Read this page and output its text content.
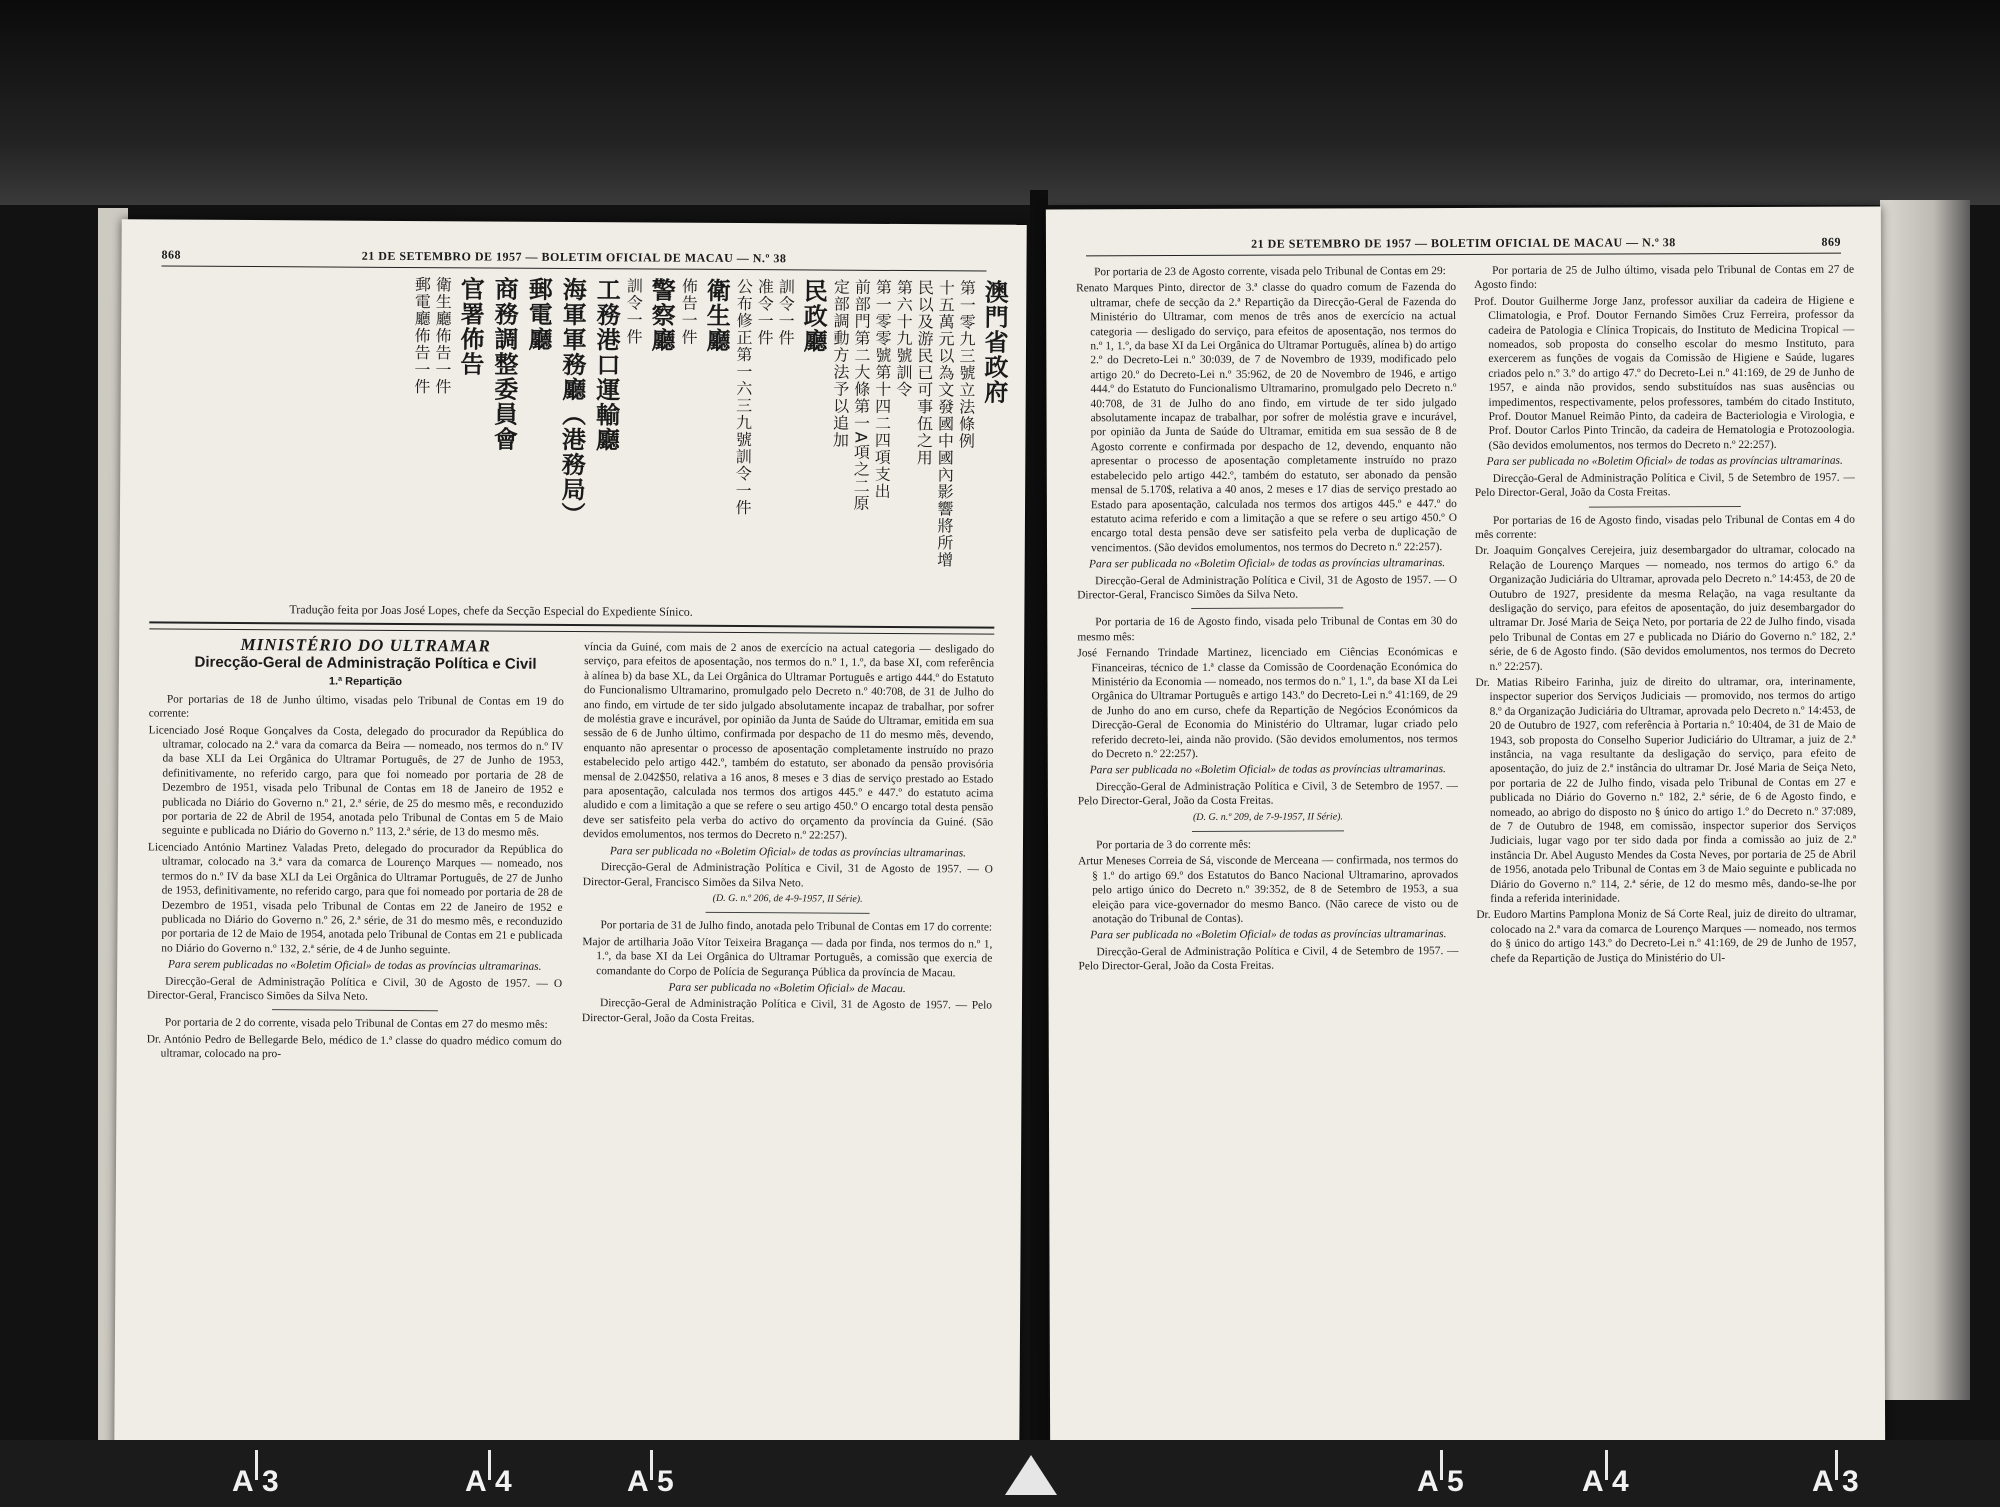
868	21 DE SETEMBRO DE 1957 — BOLETIM OFICIAL DE MACAU — N.º 38
澳門省政府
第一零九三號立法條例
十五萬元以為文發國中國內影響將所增
民以及游民已可事伍之用
第六十九號訓令
第一零零號第十四二四項支出
前部門第二大條第一A項之二原
定部調動方法予以追加
民政廳
訓令一件
准令一件
公布修正第一六三九號訓令一件
衛生廳
佈告一件
警察廳
訓令一件
工務港口運輸廳
海軍軍務廳（港務局）
郵電廳
商務調整委員會
官署佈告
衛生廳佈告一件
郵電廳佈告一件
Tradução feita por Joas José Lopes, chefe da Secção Especial do Expediente Sínico.

MINISTÉRIO DO ULTRAMAR

Direcção-Geral de Administração Política e Civil

1.ª Repartição

Por portarias de 18 de Junho último, visadas pelo Tribunal de Contas em 19 do corrente:

Licenciado José Roque Gonçalves da Costa, delegado do procurador da República do ultramar, colocado na 2.ª vara da comarca da Beira — nomeado, nos termos do n.º IV da base XLI da Lei Orgânica do Ultramar Português, de 27 de Junho de 1953, definitivamente, no referido cargo, para que foi nomeado por portaria de 28 de Dezembro de 1951, visada pelo Tribunal de Contas em 18 de Janeiro de 1952 e publicada no Diário do Governo n.º 21, 2.ª série, de 25 do mesmo mês, e reconduzido por portaria de 22 de Abril de 1954, anotada pelo Tribunal de Contas em 5 de Maio seguinte e publicada no Diário do Governo n.º 113, 2.ª série, de 13 do mesmo mês.

Licenciado António Martinez Valadas Preto, delegado do procurador da República do ultramar, colocado na 3.ª vara da comarca de Lourenço Marques — nomeado, nos termos do n.º IV da base XLI da Lei Orgânica do Ultramar Português, de 27 de Junho de 1953, definitivamente, no referido cargo, para que foi nomeado por portaria de 28 de Dezembro de 1951, visada pelo Tribunal de Contas em 22 de Janeiro de 1952 e publicada no Diário do Governo n.º 26, 2.ª série, de 31 do mesmo mês, e reconduzido por portaria de 12 de Maio de 1954, anotada pelo Tribunal de Contas em 21 e publicada no Diário do Governo n.º 132, 2.ª série, de 4 de Junho seguinte.

Para serem publicadas no «Boletim Oficial» de todas as províncias ultramarinas.

Direcção-Geral de Administração Política e Civil, 30 de Agosto de 1957. — O Director-Geral, Francisco Simões da Silva Neto.

Por portaria de 2 do corrente, visada pelo Tribunal de Contas em 27 do mesmo mês:

Dr. António Pedro de Bellegarde Belo, médico de 1.ª classe do quadro médico comum do ultramar, colocado na pro-

víncia da Guiné, com mais de 2 anos de exercício na actual categoria — desligado do serviço, para efeitos de aposentação, nos termos do n.º 1, 1.º, da base XI, com referência à alínea b) da base XL, da Lei Orgânica do Ultramar Português e artigo 444.º do Estatuto do Funcionalismo Ultramarino, promulgado pelo Decreto n.º 40:708, de 31 de Julho do ano findo, em virtude de ter sido julgado absolutamente incapaz de trabalhar, por sofrer de moléstia grave e incurável, por opinião da Junta de Saúde do Ultramar, emitida em sua sessão de 6 de Junho último, confirmada por despacho de 11 do mesmo mês, devendo, enquanto não apresentar o processo de aposentação completamente instruído no prazo estabelecido pelo artigo 442.º, também do estatuto, ser abonado da pensão provisória mensal de 2.042$50, relativa a 16 anos, 8 meses e 3 dias de serviço prestado ao Estado para aposentação, calculada nos termos dos artigos 445.º e 447.º do estatuto acima aludido e com a limitação a que se refere o seu artigo 450.º O encargo total desta pensão deve ser satisfeito pela verba do activo do orçamento da província da Guiné. (São devidos emolumentos, nos termos do Decreto n.º 22:257).

Para ser publicada no «Boletim Oficial» de todas as províncias ultramarinas.

Direcção-Geral de Administração Política e Civil, 31 de Agosto de 1957. — O Director-Geral, Francisco Simões da Silva Neto.

(D. G. n.º 206, de 4-9-1957, II Série).

Por portaria de 31 de Julho findo, anotada pelo Tribunal de Contas em 17 do corrente:

Major de artilharia João Vítor Teixeira Bragança — dada por finda, nos termos do n.º 1, 1.º, da base XI da Lei Orgânica do Ultramar Português, a comissão que exercia de comandante do Corpo de Polícia de Segurança Pública da província de Macau.

Para ser publicada no «Boletim Oficial» de Macau.

Direcção-Geral de Administração Política e Civil, 31 de Agosto de 1957. — Pelo Director-Geral, João da Costa Freitas.

21 DE SETEMBRO DE 1957 — BOLETIM OFICIAL DE MACAU — N.º 38	869

Por portaria de 23 de Agosto corrente, visada pelo Tribunal de Contas em 29:

Renato Marques Pinto, director de 3.ª classe do quadro comum de Fazenda do ultramar, chefe de secção da 2.ª Repartição da Direcção-Geral de Fazenda do Ministério do Ultramar, com menos de três anos de exercício na actual categoria — desligado do serviço, para efeitos de aposentação, nos termos do n.º 1, 1.º, da base XI da Lei Orgânica do Ultramar Português, alínea b) do artigo 2.º do Decreto-Lei n.º 30:039, de 7 de Novembro de 1939, modificado pelo artigo 20.º do Decreto-Lei n.º 35:962, de 20 de Novembro de 1946, e artigo 444.º do Estatuto do Funcionalismo Ultramarino, promulgado pelo Decreto n.º 40:708, de 31 de Julho do ano findo, em virtude de ter sido julgado absolutamente incapaz de trabalhar, por sofrer de moléstia grave e incurável, por opinião da Junta de Saúde do Ultramar, emitida em sua sessão de 8 de Agosto corrente e confirmada por despacho de 12, devendo, enquanto não apresentar o processo de aposentação completamente instruído no prazo estabelecido pelo artigo 442.º, também do estatuto, ser abonado da pensão mensal de 5.170$, relativa a 40 anos, 2 meses e 17 dias de serviço prestado ao Estado para aposentação, calculada nos termos dos artigos 445.º e 447.º do estatuto acima referido e com a limitação a que se refere o seu artigo 450.º O encargo total desta pensão deve ser satisfeito pela verba de duplicação de vencimentos. (São devidos emolumentos, nos termos do Decreto n.º 22:257).

Para ser publicada no «Boletim Oficial» de todas as províncias ultramarinas.

Direcção-Geral de Administração Política e Civil, 31 de Agosto de 1957. — O Director-Geral, Francisco Simões da Silva Neto.

Por portaria de 16 de Agosto findo, visada pelo Tribunal de Contas em 30 do mesmo mês:

José Fernando Trindade Martinez, licenciado em Ciências Económicas e Financeiras, técnico de 1.ª classe da Comissão de Coordenação Económica do Ministério da Economia — nomeado, nos termos do n.º 1, 1.º, da base XI da Lei Orgânica do Ultramar Português e artigo 143.º do Decreto-Lei n.º 41:169, de 29 de Junho do ano em curso, chefe da Repartição de Negócios Económicos da Direcção-Geral de Economia do Ministério do Ultramar, lugar criado pelo referido decreto-lei, ainda não provido. (São devidos emolumentos, nos termos do Decreto n.º 22:257).

Para ser publicada no «Boletim Oficial» de todas as províncias ultramarinas.

Direcção-Geral de Administração Política e Civil, 3 de Setembro de 1957. — Pelo Director-Geral, João da Costa Freitas.

(D. G. n.º 209, de 7-9-1957, II Série).

Por portaria de 3 do corrente mês:

Artur Meneses Correia de Sá, visconde de Merceana — confirmada, nos termos do § 1.º do artigo 69.º dos Estatutos do Banco Nacional Ultramarino, aprovados pelo artigo único do Decreto n.º 39:352, de 8 de Setembro de 1953, a sua eleição para vice-governador do mesmo Banco. (Não carece de visto ou de anotação do Tribunal de Contas).

Para ser publicada no «Boletim Oficial» de todas as províncias ultramarinas.

Direcção-Geral de Administração Política e Civil, 4 de Setembro de 1957. — Pelo Director-Geral, João da Costa Freitas.

Por portaria de 25 de Julho último, visada pelo Tribunal de Contas em 27 de Agosto findo:

Prof. Doutor Guilherme Jorge Janz, professor auxiliar da cadeira de Higiene e Climatologia, e Prof. Doutor Fernando Simões Cruz Ferreira, professor da cadeira de Patologia e Clínica Tropicais, do Instituto de Medicina Tropical — nomeados, sob proposta do conselho escolar do mesmo Instituto, para exercerem as funções de vogais da Comissão de Higiene e Saúde, lugares criados pelo n.º 3.º do artigo 47.º do Decreto-Lei n.º 41:169, de 29 de Junho de 1957, e ainda não providos, sendo substituídos nas suas ausências ou impedimentos, respectivamente, pelos professores, também do citado Instituto, Prof. Doutor Manuel Reimão Pinto, da cadeira de Bacteriologia e Virologia, e Prof. Doutor Carlos Pinto Trincão, da cadeira de Hematologia e Protozoologia. (São devidos emolumentos, nos termos do Decreto n.º 22:257).

Para ser publicada no «Boletim Oficial» de todas as províncias ultramarinas.

Direcção-Geral de Administração Política e Civil, 5 de Setembro de 1957. — Pelo Director-Geral, João da Costa Freitas.

Por portarias de 16 de Agosto findo, visadas pelo Tribunal de Contas em 4 do mês corrente:

Dr. Joaquim Gonçalves Cerejeira, juiz desembargador do ultramar, colocado na Relação de Lourenço Marques — nomeado, nos termos do artigo 6.º da Organização Judiciária do Ultramar, aprovada pelo Decreto n.º 14:453, de 20 de Outubro de 1927, presidente da mesma Relação, na vaga resultante da desligação do serviço, para efeitos de aposentação, do juiz desembargador do ultramar Dr. José Maria de Seiça Neto, por portaria de 22 de Julho findo, visada pelo Tribunal de Contas em 27 e publicada no Diário do Governo n.º 182, 2.ª série, de 6 de Agosto findo. (São devidos emolumentos, nos termos do Decreto n.º 22:257).

Dr. Matias Ribeiro Farinha, juiz de direito do ultramar, ora, interinamente, inspector superior dos Serviços Judiciais — promovido, nos termos do artigo 8.º da Organização Judiciária do Ultramar, aprovada pelo Decreto n.º 14:453, de 20 de Outubro de 1927, com referência à Portaria n.º 10:404, de 31 de Maio de 1943, sob proposta do Conselho Superior Judiciário do Ultramar, a juiz de 2.ª instância, na vaga resultante da desligação do serviço, para efeito de aposentação, do juiz de 2.ª instância do ultramar Dr. José Maria de Seiça Neto, por portaria de 22 de Julho findo, visada pelo Tribunal de Contas em 27 e publicada no Diário do Governo n.º 182, 2.ª série, de 6 de Agosto findo, e nomeado, ao abrigo do disposto no § único do artigo 1.º do Decreto n.º 37:089, de 7 de Outubro de 1948, em comissão, inspector superior dos Serviços Judiciais, lugar vago por ter sido dada por finda a comissão ao juiz de 2.ª instância Dr. Abel Augusto Mendes da Costa Neves, por portaria de 25 de Abril de 1956, anotada pelo Tribunal de Contas em 3 de Maio seguinte e publicada no Diário do Governo n.º 114, 2.ª série, de 12 do mesmo mês, dando-se-lhe por finda a referida interinidade.

Dr. Eudoro Martins Pamplona Moniz de Sá Corte Real, juiz de direito do ultramar, colocado na 2.ª vara da comarca de Lourenço Marques — nomeado, nos termos do § único do artigo 143.º do Decreto-Lei n.º 41:169, de 29 de Junho de 1957, chefe da Repartição de Justiça do Ministério do Ul-

A 3	A 4	A 5	A 5	A 4	A 3
